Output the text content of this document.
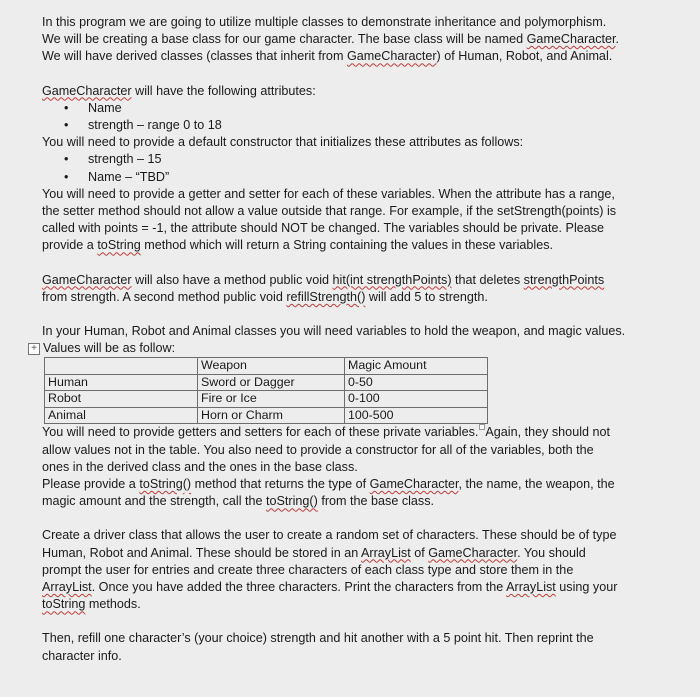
In this program we are going to utilize multiple classes to demonstrate inheritance and polymorphism.

We will be creating a base class for our game character. The base class will be named GameCharacter.

We will have derived classes (classes that inherit from GameCharacter) of Human, Robot, and Animal.

GameCharacter will have the following attributes:

• Name
• strength – range 0 to 18

You will need to provide a default constructor that initializes these attributes as follows:

• strength – 15
• Name – “TBD”

You will need to provide a getter and setter for each of these variables. When the attribute has a range,

the setter method should not allow a value outside that range. For example, if the setStrength(points) is

called with points = -1, the attribute should NOT be changed. The variables should be private. Please

provide a toString method which will return a String containing the values in these variables.

GameCharacter will also have a method public void hit(int strengthPoints) that deletes strengthPoints

from strength. A second method public void refillStrength() will add 5 to strength.

In your Human, Robot and Animal classes you will need variables to hold the weapon, and magic values.

+ Values will be as follow:

	Weapon	Magic Amount
Human	Sword or Dagger	0-50
Robot	Fire or Ice	0-100
Animal	Horn or Charm	100-500

You will need to provide getters and setters for each of these private variables. Again, they should not

allow values not in the table. You also need to provide a constructor for all of the variables, both the

ones in the derived class and the ones in the base class.

Please provide a toString() method that returns the type of GameCharacter, the name, the weapon, the

magic amount and the strength, call the toString() from the base class.

Create a driver class that allows the user to create a random set of characters. These should be of type

Human, Robot and Animal. These should be stored in an ArrayList of GameCharacter. You should

prompt the user for entries and create three characters of each class type and store them in the

ArrayList. Once you have added the three characters. Print the characters from the ArrayList using your

toString methods.

Then, refill one character’s (your choice) strength and hit another with a 5 point hit. Then reprint the

character info.
